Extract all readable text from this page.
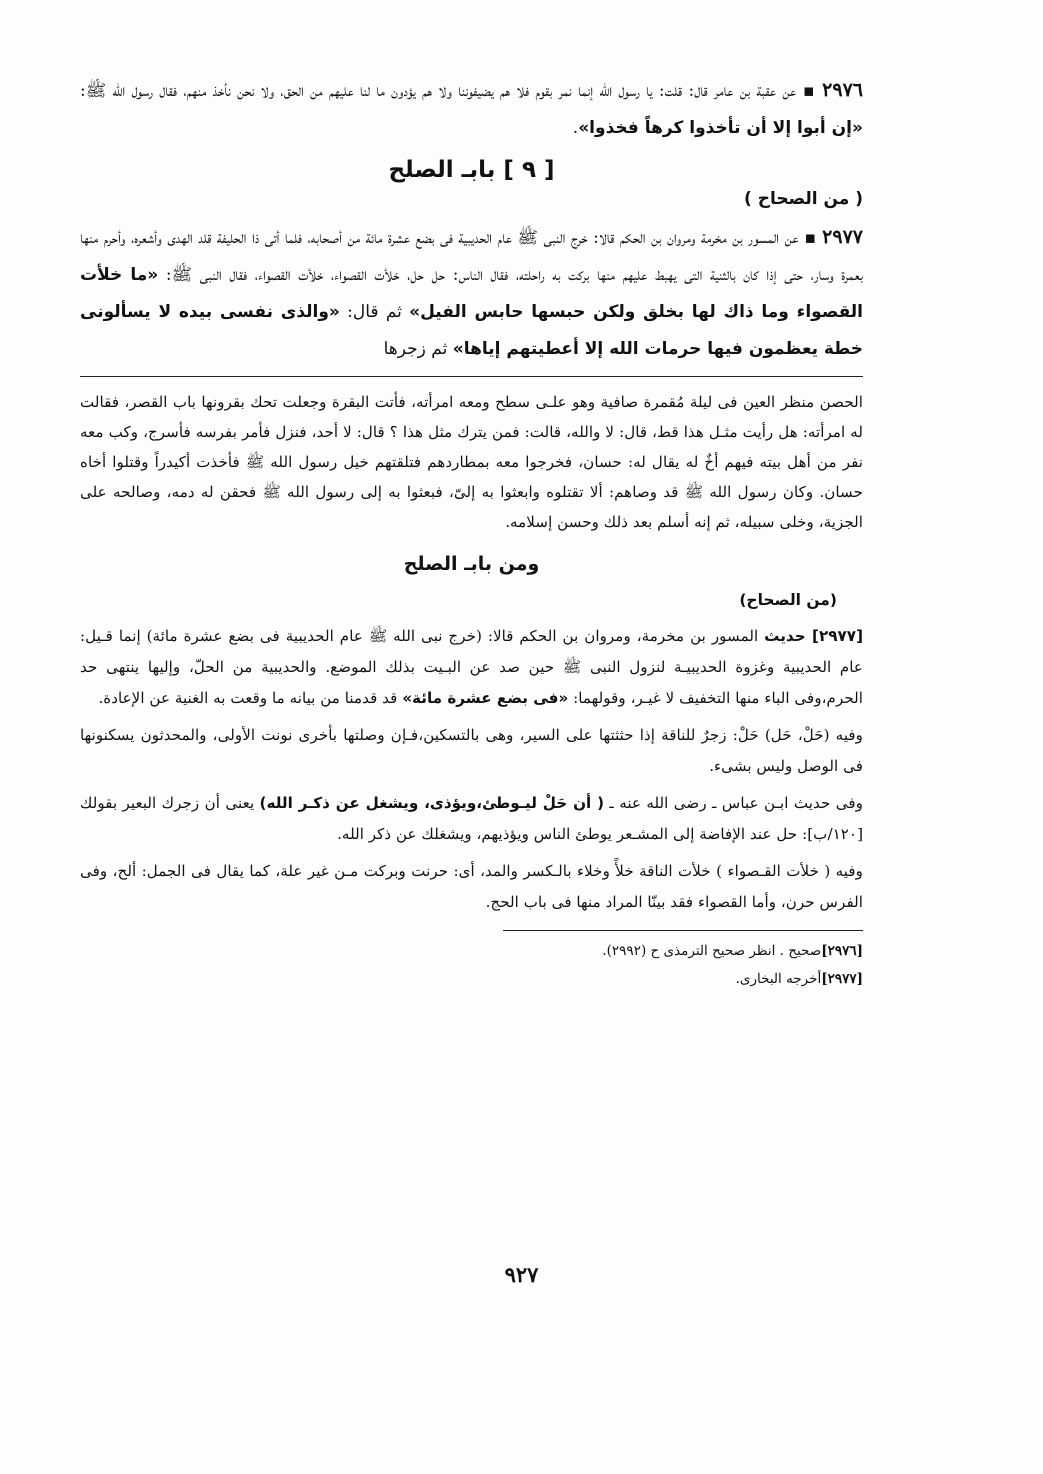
٢٩٧٦ ▪ عن عقبة بن عامر قال: قلت: يا رسول الله إنما نمر بقوم فلا هم يضيفوننا ولا هم يؤدون ما لنا عليهم من الحق، ولا نحن نأخذ منهم، فقال رسول الله ﷺ: «إن أبوا إلا أن تأخذوا كرهاً فخذوا».

[ ٩ ] بابـ الصلح
( من الصحاح )

٢٩٧٧ ▪ عن المسور بن مخرمة ومروان بن الحكم قالا: خرج النبى ﷺ عام الحديبية فى بضع عشرة مائة من أصحابه، فلما أتى ذا الحليفة قلد الهدى وأشعره، وأحرم منها بعمرة وسار، حتى إذا كان بالثنية التى يهبط عليهم منها بركت به راحلته، فقال الناس: حل حل، خلأت القصواء، خلأت القصواء، فقال النبى ﷺ: «ما خلأت القصواء وما ذاك لها بخلق ولكن حبسها حابس الفيل» ثم قال: «والذى نفسى بيده لا يسألونى خطة يعظمون فيها حرمات الله إلا أعطيتهم إياها» ثم زجرها

الحصن منظر العين فى ليلة مُقمرة صافية وهو علـى سطح ومعه امرأته، فأتت البقرة وجعلت تحك بقرونها باب القصر، فقالت له امرأته: هل رأيت مثـل هذا قط، قال: لا والله، قالت: فمن يترك مثل هذا ؟ قال: لا أحد، فنزل فأمر بفرسه فأسرج، وكب معه نفر من أهل بيته فيهم أخٌ له يقال له: حسان، فخرجوا معه بمطاردهم فتلقتهم خيل رسول الله ﷺ فأخذت أكيدراً وقتلوا أخاه حسان. وكان رسول الله ﷺ قد وصاهم: ألا تقتلوه وابعثوا به إلىّ، فبعثوا به إلى رسول الله ﷺ فحقن له دمه، وصالحه على الجزية، وخلى سبيله، ثم إنه أسلم بعد ذلك وحسن إسلامه.

ومن بابـ الصلح
(من الصحاح)

[٢٩٧٧] حديث المسور بن مخرمة، ومروان بن الحكم قالا: (خرج نبى الله ﷺ عام الحديبية فى بضع عشرة مائة) إنما قـيل: عام الحديبية وغزوة الحديبيـة لنزول النبى ﷺ حين صد عن البـيت بذلك الموضع. والحديبية من الحلّ، وإليها ينتهى حد الحرم،وفى الباء منها التخفيف لا غيـر، وقولهما: «فى بضع عشرة مائة» قد قدمنا من بيانه ما وقعت به الغنية عن الإعادة.

وفيه (حَلْ، حَل) حَلْ: زجرٌ للناقة إذا حثثتها على السير، وهى بالتسكين،فـإن وصلتها بأخرى نونت الأولى، والمحدثون يسكنونها فى الوصل وليس بشىء.

وفى حديث ابـن عباس ـ رضى الله عنه ـ ( أن حَلْ ليـوطئ،ويؤذى، ويشغل عن ذكـر الله) يعنى أن زجرك البعير بقولك [١٢٠/ب]: حل عند الإفاضة إلى المشـعر يوطئ الناس ويؤذيهم، ويشغلك عن ذكر الله.

وفيه ( خلأت القـصواء ) خلأت الناقة خلأً وخلاء بالـكسر والمد، أى: حرنت وبركت مـن غير علة، كما يقال فى الجمل: ألح، وفى الفرس حرن، وأما القصواء فقد بينّا المراد منها فى باب الحج.

[٢٩٧٦]صحيح . انظر صحيح الترمذى ح (٢٩٩٢).
[٢٩٧٧]أخرجه البخارى.
٩٢٧
